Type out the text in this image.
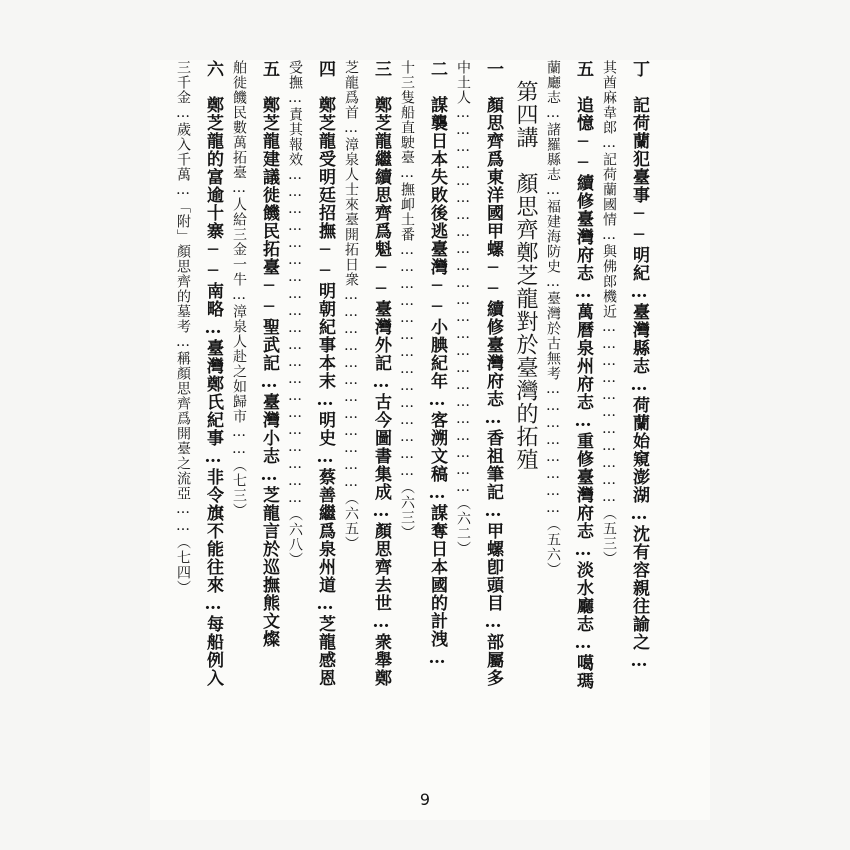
丁　記荷蘭犯臺事──明紀…臺灣縣志…荷蘭始窺澎湖…沈有容親往諭之…
其酋麻韋郎…記荷蘭國情…與佛郎機近……………………………（五三）
五　追憶──續修臺灣府志…萬曆泉州府志…重修臺灣府志…淡水廳志…噶瑪
蘭廳志…諸羅縣志…福建海防史…臺灣於古無考……………………（五六）
第四講　顏思齊鄭芝龍對於臺灣的拓殖
一　顏思齊爲東洋國甲螺──續修臺灣府志…香祖筆記…甲螺卽頭目…部屬多
中土人……………………………………………………………（六二）
二　謀襲日本失敗後逃臺灣──小腆紀年…客溯文稿…謀奪日本國的計洩…
十三隻船直駛臺…撫卹土番……………………………………（六三）
三　鄭芝龍繼續思齊爲魁──臺灣外記…古今圖書集成…顏思齊去世…衆舉鄭
芝龍爲首…漳泉人士來臺開拓日衆………………………………（六五）
四　鄭芝龍受明廷招撫──明朝紀事本末…明史…蔡善繼爲泉州道…芝龍感恩
受撫…責其報效……………………………………………………（六八）
五　鄭芝龍建議徙饑民拓臺──聖武記…臺灣小志…芝龍言於巡撫熊文燦
舶徙饑民數萬拓臺…人給三金一牛…漳泉人赴之如歸市……（七三）
六　鄭芝龍的富逾十寨──南略…臺灣鄭氏紀事…非令旗不能往來…每船例入
三千金…歲入千萬…「附」顏思齊的墓考…稱顏思齊爲開臺之流亞……（七四）
9
